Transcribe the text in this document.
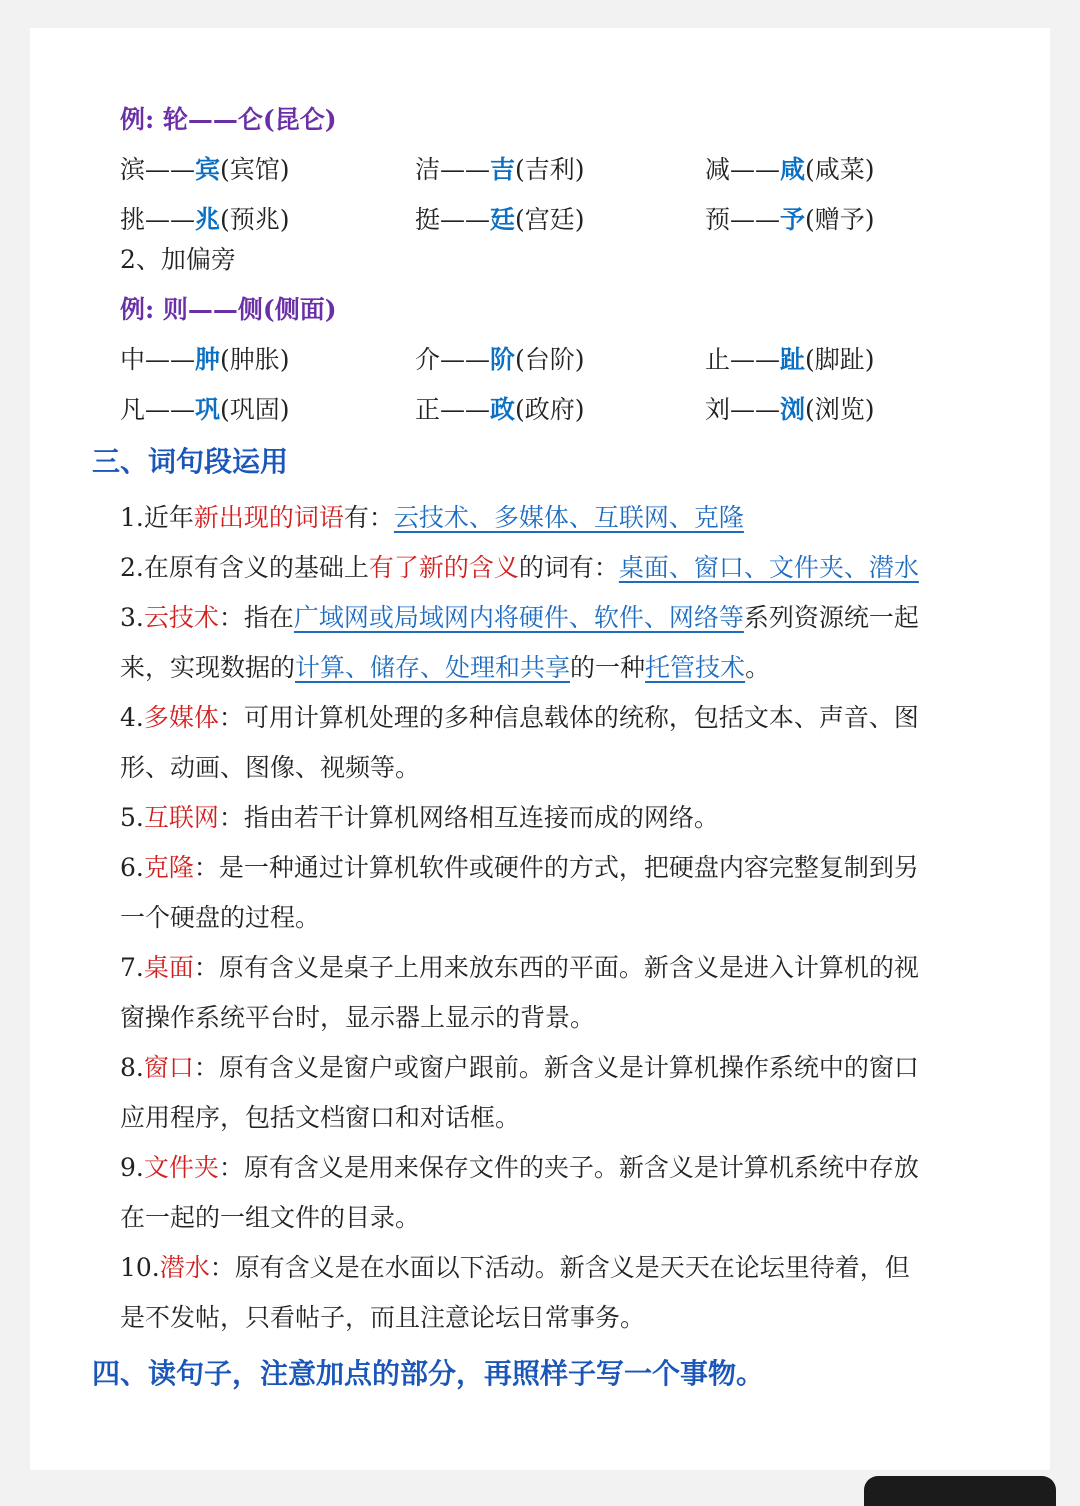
例: 轮——仑(昆仑)
滨——宾(宾馆)	洁——吉(吉利)	减——咸(咸菜)
挑——兆(预兆)	挺——廷(宫廷)	预——予(赠予)
2、加偏旁
例: 则——侧(侧面)
中——肿(肿胀)	介——阶(台阶)	止——趾(脚趾)
凡——巩(巩固)	正——政(政府)	刘——浏(浏览)
三、词句段运用
1.近年新出现的词语有：云技术、多媒体、互联网、克隆
2.在原有含义的基础上有了新的含义的词有：桌面、窗口、文件夹、潜水
3.云技术：指在广域网或局域网内将硬件、软件、网络等系列资源统一起
来，实现数据的计算、储存、处理和共享的一种托管技术。
4.多媒体：可用计算机处理的多种信息载体的统称，包括文本、声音、图
形、动画、图像、视频等。
5.互联网：指由若干计算机网络相互连接而成的网络。
6.克隆：是一种通过计算机软件或硬件的方式，把硬盘内容完整复制到另
一个硬盘的过程。
7.桌面：原有含义是桌子上用来放东西的平面。新含义是进入计算机的视
窗操作系统平台时，显示器上显示的背景。
8.窗口：原有含义是窗户或窗户跟前。新含义是计算机操作系统中的窗口
应用程序，包括文档窗口和对话框。
9.文件夹：原有含义是用来保存文件的夹子。新含义是计算机系统中存放
在一起的一组文件的目录。
10.潜水：原有含义是在水面以下活动。新含义是天天在论坛里待着，但
是不发帖，只看帖子，而且注意论坛日常事务。
四、读句子，注意加点的部分，再照样子写一个事物。
